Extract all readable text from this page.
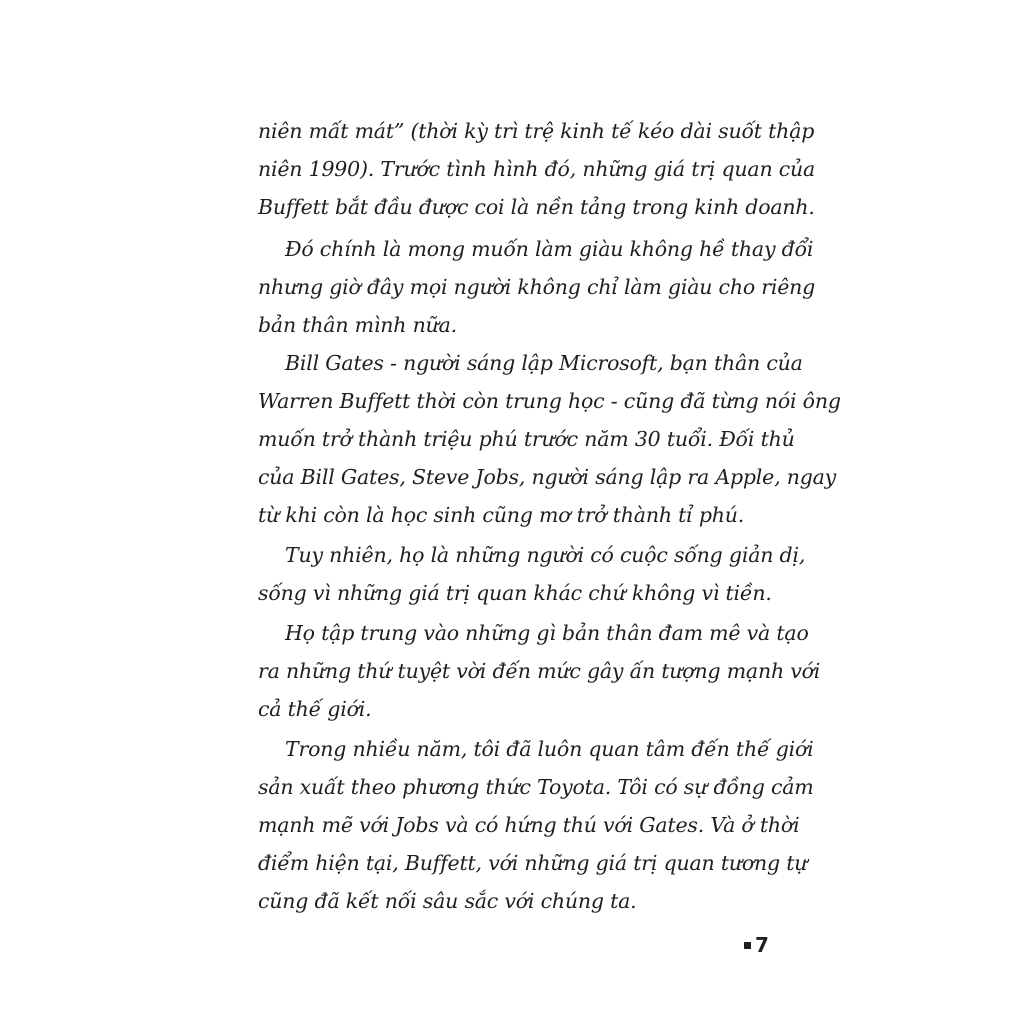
niên mất mát” (thời kỳ trì trệ kinh tế kéo dài suốt thập
niên 1990). Trước tình hình đó, những giá trị quan của
Buffett bắt đầu được coi là nền tảng trong kinh doanh.
Đó chính là mong muốn làm giàu không hề thay đổi
nhưng giờ đây mọi người không chỉ làm giàu cho riêng
bản thân mình nữa.
Bill Gates - người sáng lập Microsoft, bạn thân của
Warren Buffett thời còn trung học - cũng đã từng nói ông
muốn trở thành triệu phú trước năm 30 tuổi. Đối thủ
của Bill Gates, Steve Jobs, người sáng lập ra Apple, ngay
từ khi còn là học sinh cũng mơ trở thành tỉ phú.
Tuy nhiên, họ là những người có cuộc sống giản dị,
sống vì những giá trị quan khác chứ không vì tiền.
Họ tập trung vào những gì bản thân đam mê và tạo
ra những thứ tuyệt vời đến mức gây ấn tượng mạnh với
cả thế giới.
Trong nhiều năm, tôi đã luôn quan tâm đến thế giới
sản xuất theo phương thức Toyota. Tôi có sự đồng cảm
mạnh mẽ với Jobs và có hứng thú với Gates. Và ở thời
điểm hiện tại, Buffett, với những giá trị quan tương tự
cũng đã kết nối sâu sắc với chúng ta.
7
